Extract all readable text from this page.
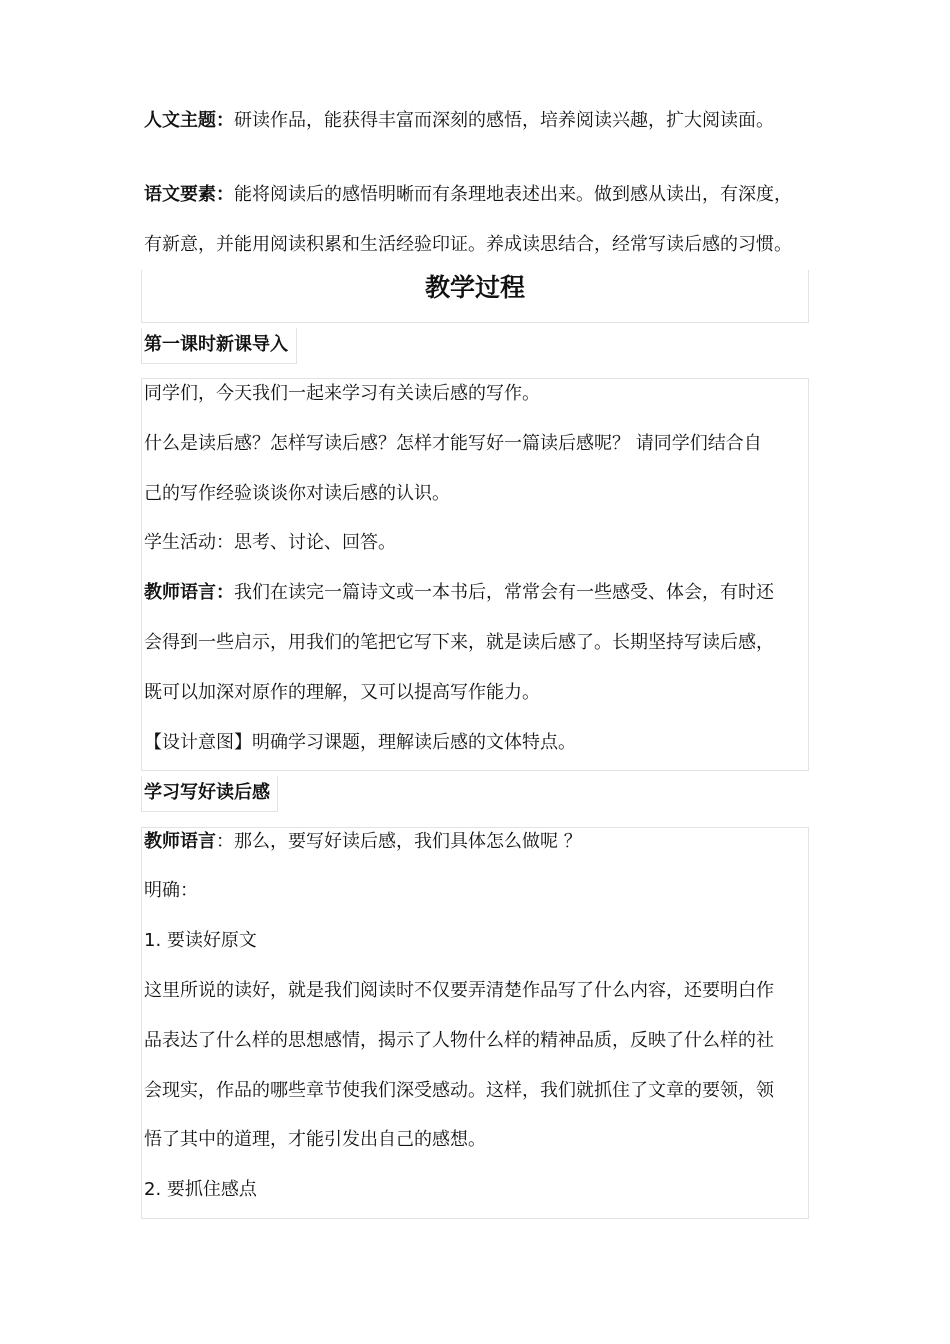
人文主题：研读作品，能获得丰富而深刻的感悟，培养阅读兴趣，扩大阅读面。
语文要素：能将阅读后的感悟明晰而有条理地表述出来。做到感从读出，有深度，
有新意，并能用阅读积累和生活经验印证。养成读思结合，经常写读后感的习惯。
教学过程
第一课时新课导入
同学们，今天我们一起来学习有关读后感的写作。
什么是读后感？怎样写读后感？怎样才能写好一篇读后感呢？ 请同学们结合自
己的写作经验谈谈你对读后感的认识。
学生活动：思考、讨论、回答。
教师语言：我们在读完一篇诗文或一本书后，常常会有一些感受、体会，有时还
会得到一些启示，用我们的笔把它写下来，就是读后感了。长期坚持写读后感，
既可以加深对原作的理解，又可以提高写作能力。
【设计意图】明确学习课题，理解读后感的文体特点。
学习写好读后感
教师语言：那么，要写好读后感，我们具体怎么做呢 ？
明确：
1. 要读好原文
这里所说的读好，就是我们阅读时不仅要弄清楚作品写了什么内容，还要明白作
品表达了什么样的思想感情，揭示了人物什么样的精神品质，反映了什么样的社
会现实，作品的哪些章节使我们深受感动。这样，我们就抓住了文章的要领，领
悟了其中的道理，才能引发出自己的感想。
2. 要抓住感点
